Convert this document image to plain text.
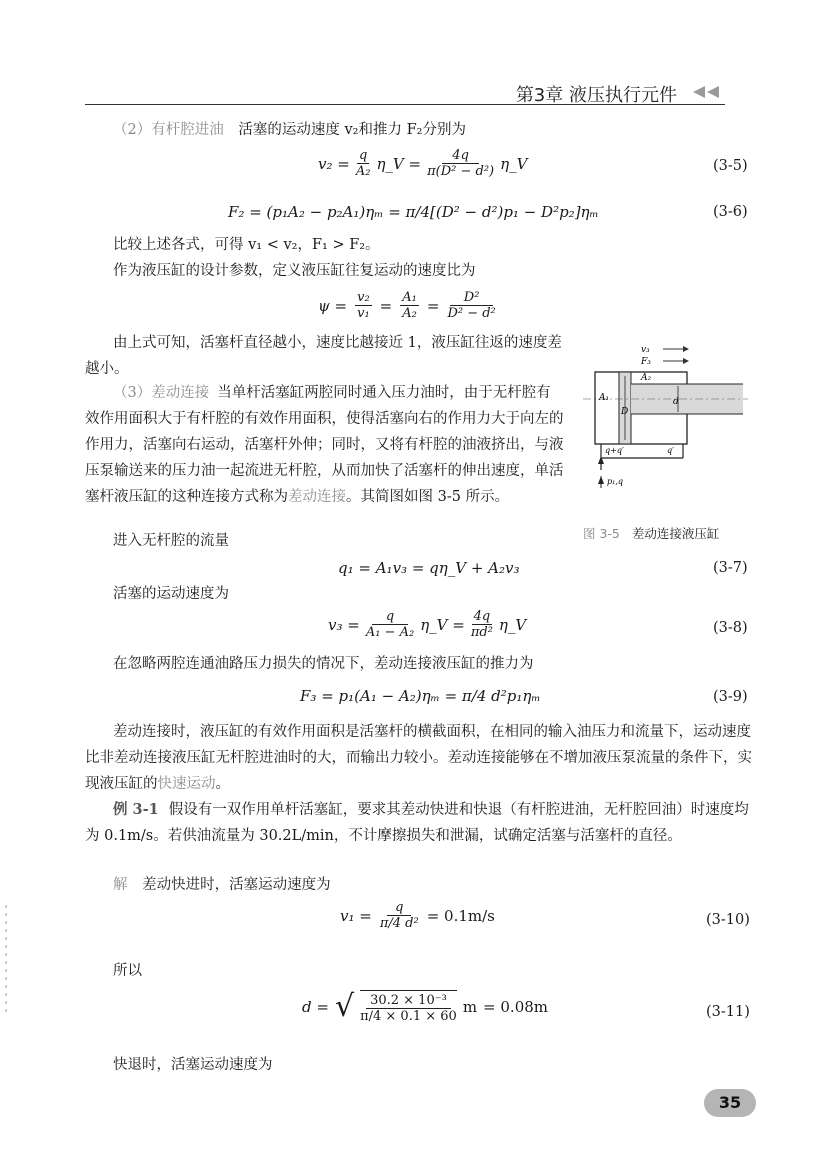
第3章 液压执行元件

（2）有杆腔进油 活塞的运动速度 v₂和推力 F₂分别为

$v_2 = \frac{q}{\text{A₂}}$ η_V = $\frac{4q}{\text{π(D² − d²)}}$ η_V	(3-5)
F₂ = (p₁A₂ − p₂A₁)ηₘ = π/4[(D² − d²)p₁ − D²p₂]ηₘ	(3-6)

比较上述各式，可得 v₁ < v₂，F₁ > F₂。

作为液压缸的设计参数，定义液压缸往复运动的速度比为

$\psi = \frac{\text{v₂}}{\text{v₁}} = \frac{\text{A₁}}{\text{A₂}} = \frac{\text{D²}}{\text{D² − d²}}$

由上式可知，活塞杆直径越小，速度比越接近 1，液压缸往返的速度差越小。

（3）差动连接 当单杆活塞缸两腔同时通入压力油时，由于无杆腔有效作用面积大于有杆腔的有效作用面积，使得活塞向右的作用力大于向左的作用力，活塞向右运动，活塞杆外伸；同时，又将有杆腔的油液挤出，与液压泵输送来的压力油一起流进无杆腔，从而加快了活塞杆的伸出速度，单活塞杆液压缸的这种连接方式称为差动连接。其简图如图 3-5 所示。

v₃
F₃
A₂
A₁
D
d
q+q′	q′
p₁,q
图 3-5 差动连接液压缸

进入无杆腔的流量

q₁ = A₁v₃ = qη_V + A₂v₃	(3-7)

活塞的运动速度为

$v_3 = \frac{q}{\text{A₁ − A₂}}$ η_V = $\frac{4q}{\text{πd²}}$ η_V	(3-8)

在忽略两腔连通油路压力损失的情况下，差动连接液压缸的推力为

F₃ = p₁(A₁ − A₂)ηₘ = π/4 d²p₁ηₘ	(3-9)

差动连接时，液压缸的有效作用面积是活塞杆的横截面积，在相同的输入油压力和流量下，运动速度比非差动连接液压缸无杆腔进油时的大，而输出力较小。差动连接能够在不增加液压泵流量的条件下，实现液压缸的快速运动。

例 3-1 假设有一双作用单杆活塞缸，要求其差动快进和快退（有杆腔进油，无杆腔回油）时速度均为 0.1m/s。若供油流量为 30.2L/min，不计摩擦损失和泄漏，试确定活塞与活塞杆的直径。

解 差动快进时，活塞运动速度为

$v_1 = \frac{q}{\text{π/4 d²}} = 0.1m/s$	(3-10)

所以

d = √ $\frac{\text{30.2 × 10⁻³}}{\pi/4 \times 0.1 \times 60}$ m = 0.08m	(3-11)

快退时，活塞运动速度为

35
